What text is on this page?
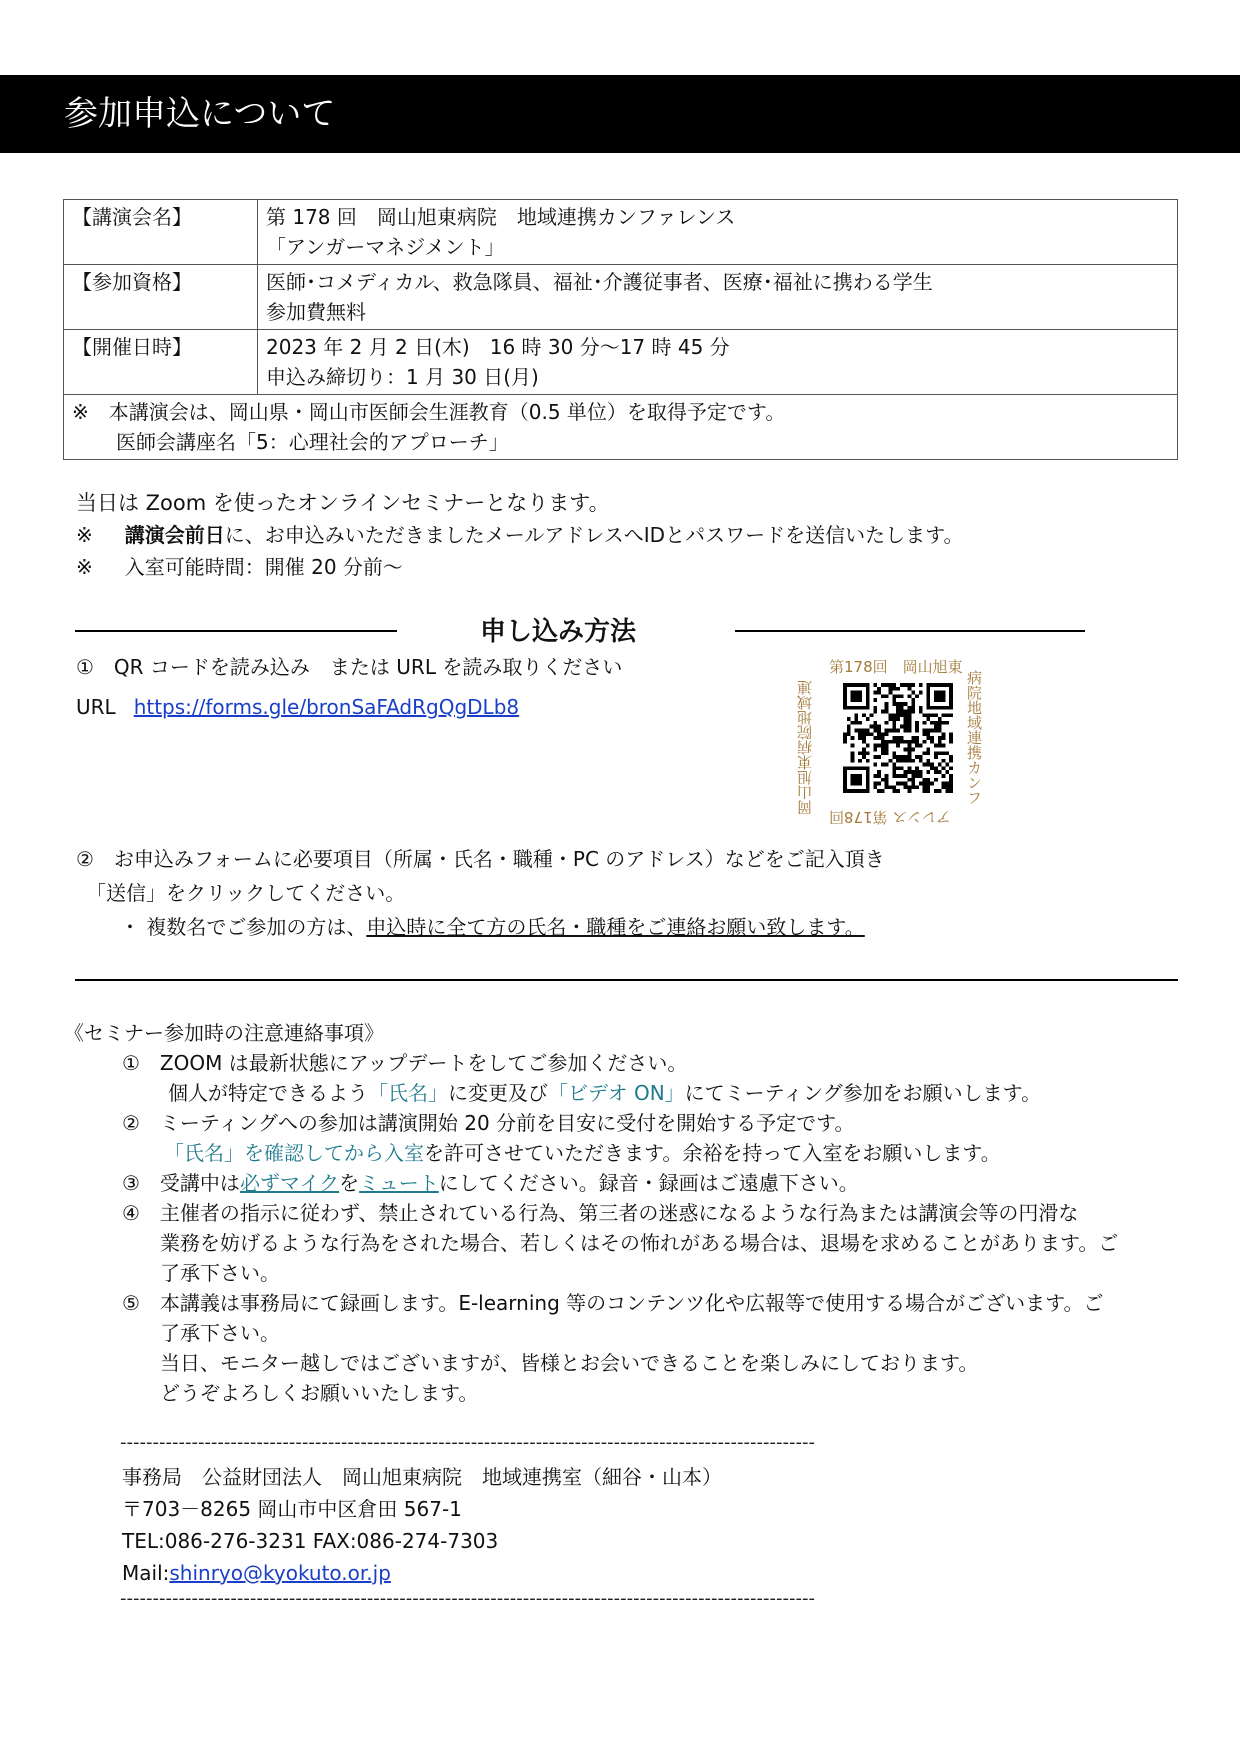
参加申込について
【講演会名】	第 178 回　岡山旭東病院　地域連携カンファレンス
「アンガーマネジメント」

【参加資格】	医師･コメディカル、救急隊員、福祉･介護従事者、医療･福祉に携わる学生
参加費無料

【開催日時】	2023 年 2 月 2 日(木)　16 時 30 分～17 時 45 分
申込み締切り：1 月 30 日(月)

※　本講演会は、岡山県・岡山市医師会生涯教育（0.5 単位）を取得予定です。
医師会講座名「5：心理社会的アプローチ」	
当日は Zoom を使ったオンラインセミナーとなります。
※ 講演会前日に、お申込みいただきましたメールアドレスへIDとパスワードを送信いたします。
※ 入室可能時間：開催 20 分前～
申し込み方法
①　QR コードを読み込み　または URL を読み取りください
URL https://forms.gle/bronSaFAdRgQgDLb8
第178回　岡山旭東
病院地域連携カンフ
アレンス 第178回
岡山旭東病院地域連
②　お申込みフォームに必要項目（所属・氏名・職種・PC のアドレス）などをご記入頂き
「送信」をクリックしてください。
・ 複数名でご参加の方は、申込時に全て方の氏名・職種をご連絡お願い致します。
《セミナー参加時の注意連絡事項》
①　ZOOM は最新状態にアップデートをしてご参加ください。
個人が特定できるよう「氏名」に変更及び「ビデオ ON」にてミーティング参加をお願いします。
②　ミーティングへの参加は講演開始 20 分前を目安に受付を開始する予定です。
「氏名」を確認してから入室を許可させていただきます。余裕を持って入室をお願いします。
③　受講中は必ずマイクをミュートにしてください。録音・録画はご遠慮下さい。
④　主催者の指示に従わず、禁止されている行為、第三者の迷惑になるような行為または講演会等の円滑な
業務を妨げるような行為をされた場合、若しくはその怖れがある場合は、退場を求めることがあります。ご
了承下さい。
⑤　本講義は事務局にて録画します。E-learning 等のコンテンツ化や広報等で使用する場合がございます。ご
了承下さい。
当日、モニター越しではございますが、皆様とお会いできることを楽しみにしております。
どうぞよろしくお願いいたします。
-----------------------------------------------------------------------------------------------------------
事務局　公益財団法人　岡山旭東病院　地域連携室（細谷・山本）
〒703－8265 岡山市中区倉田 567-1
TEL:086-276-3231 FAX:086-274-7303
Mail:shinryo@kyokuto.or.jp
-----------------------------------------------------------------------------------------------------------
